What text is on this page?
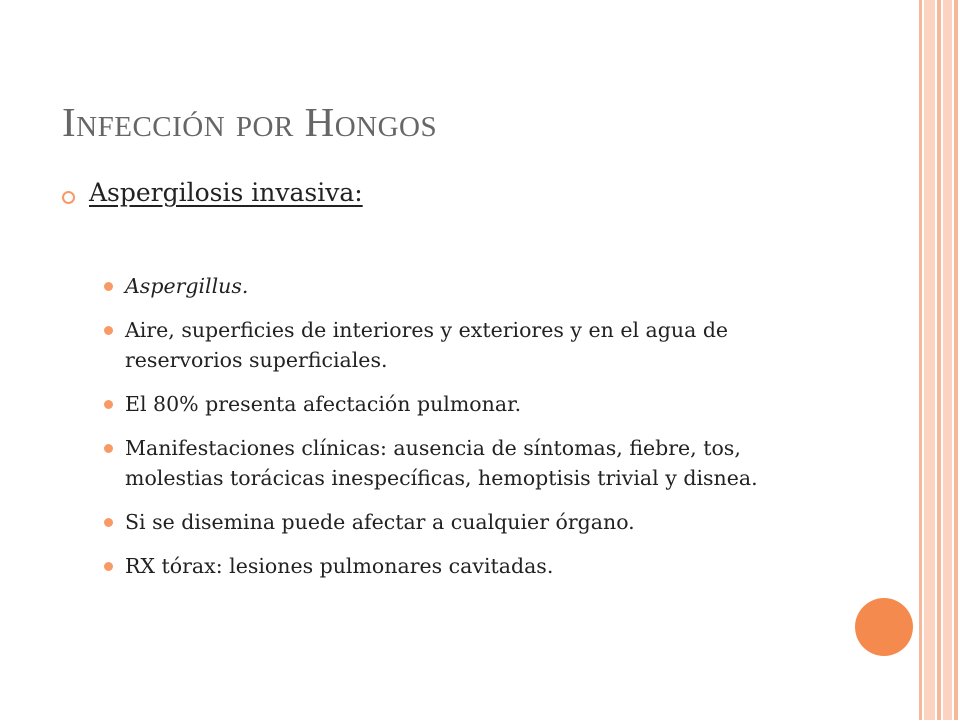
Infección por Hongos
Aspergilosis invasiva:
Aspergillus.
Aire, superficies de interiores y exteriores y en el agua de reservorios superficiales.
El 80% presenta afectación pulmonar.
Manifestaciones clínicas: ausencia de síntomas, fiebre, tos, molestias torácicas inespecíficas, hemoptisis trivial y disnea.
Si se disemina puede afectar a cualquier órgano.
RX tórax: lesiones pulmonares cavitadas.
